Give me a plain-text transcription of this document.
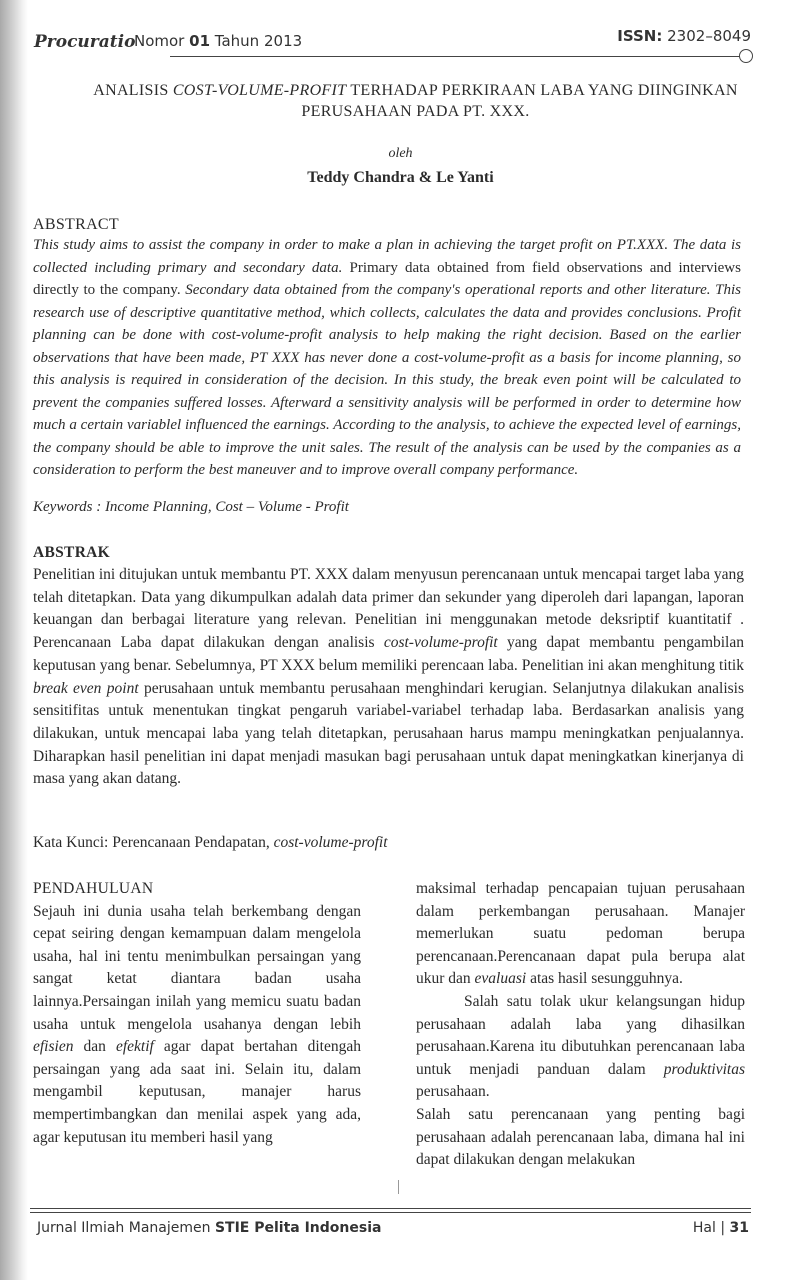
Procuratio
Nomor 01 Tahun 2013	ISSN: 2302–8049
ANALISIS COST-VOLUME-PROFIT TERHADAP PERKIRAAN LABA YANG DIINGINKAN
PERUSAHAAN PADA PT. XXX.
oleh
Teddy Chandra & Le Yanti
ABSTRACT
This study aims to assist the company in order to make a plan in achieving the target profit on PT.XXX. The data is collected including primary and secondary data. Primary data obtained from field observations and interviews directly to the company. Secondary data obtained from the company's operational reports and other literature. This research use of descriptive quantitative method, which collects, calculates the data and provides conclusions. Profit planning can be done with cost-volume-profit analysis to help making the right decision. Based on the earlier observations that have been made, PT XXX has never done a cost-volume-profit as a basis for income planning, so this analysis is required in consideration of the decision. In this study, the break even point will be calculated to prevent the companies suffered losses. Afterward a sensitivity analysis will be performed in order to determine how much a certain variablel influenced the earnings. According to the analysis, to achieve the expected level of earnings, the company should be able to improve the unit sales. The result of the analysis can be used by the companies as a consideration to perform the best maneuver and to improve overall company performance.
Keywords : Income Planning, Cost – Volume - Profit
ABSTRAK
Penelitian ini ditujukan untuk membantu PT. XXX dalam menyusun perencanaan untuk mencapai target laba yang telah ditetapkan. Data yang dikumpulkan adalah data primer dan sekunder yang diperoleh dari lapangan, laporan keuangan dan berbagai literature yang relevan. Penelitian ini menggunakan metode deksriptif kuantitatif . Perencanaan Laba dapat dilakukan dengan analisis cost-volume-profit yang dapat membantu pengambilan keputusan yang benar. Sebelumnya, PT XXX belum memiliki perencaan laba. Penelitian ini akan menghitung titik break even point perusahaan untuk membantu perusahaan menghindari kerugian. Selanjutnya dilakukan analisis sensitifitas untuk menentukan tingkat pengaruh variabel-variabel terhadap laba. Berdasarkan analisis yang dilakukan, untuk mencapai laba yang telah ditetapkan, perusahaan harus mampu meningkatkan penjualannya. Diharapkan hasil penelitian ini dapat menjadi masukan bagi perusahaan untuk dapat meningkatkan kinerjanya di masa yang akan datang.
Kata Kunci: Perencanaan Pendapatan, cost-volume-profit
PENDAHULUAN

Sejauh ini dunia usaha telah berkembang dengan cepat seiring dengan kemampuan dalam mengelola usaha, hal ini tentu menimbulkan persaingan yang sangat ketat diantara badan usaha lainnya.Persaingan inilah yang memicu suatu badan usaha untuk mengelola usahanya dengan lebih efisien dan efektif agar dapat bertahan ditengah persaingan yang ada saat ini. Selain itu, dalam mengambil keputusan, manajer harus mempertimbangkan dan menilai aspek yang ada, agar keputusan itu memberi hasil yang

maksimal terhadap pencapaian tujuan perusahaan dalam perkembangan perusahaan. Manajer memerlukan suatu pedoman berupa perencanaan.Perencanaan dapat pula berupa alat ukur dan evaluasi atas hasil sesungguhnya.

Salah satu tolak ukur kelangsungan hidup perusahaan adalah laba yang dihasilkan perusahaan.Karena itu dibutuhkan perencanaan laba untuk menjadi panduan dalam produktivitas perusahaan.

Salah satu perencanaan yang penting bagi perusahaan adalah perencanaan laba, dimana hal ini dapat dilakukan dengan melakukan

Jurnal Ilmiah Manajemen STIE Pelita Indonesia	Hal | 31
